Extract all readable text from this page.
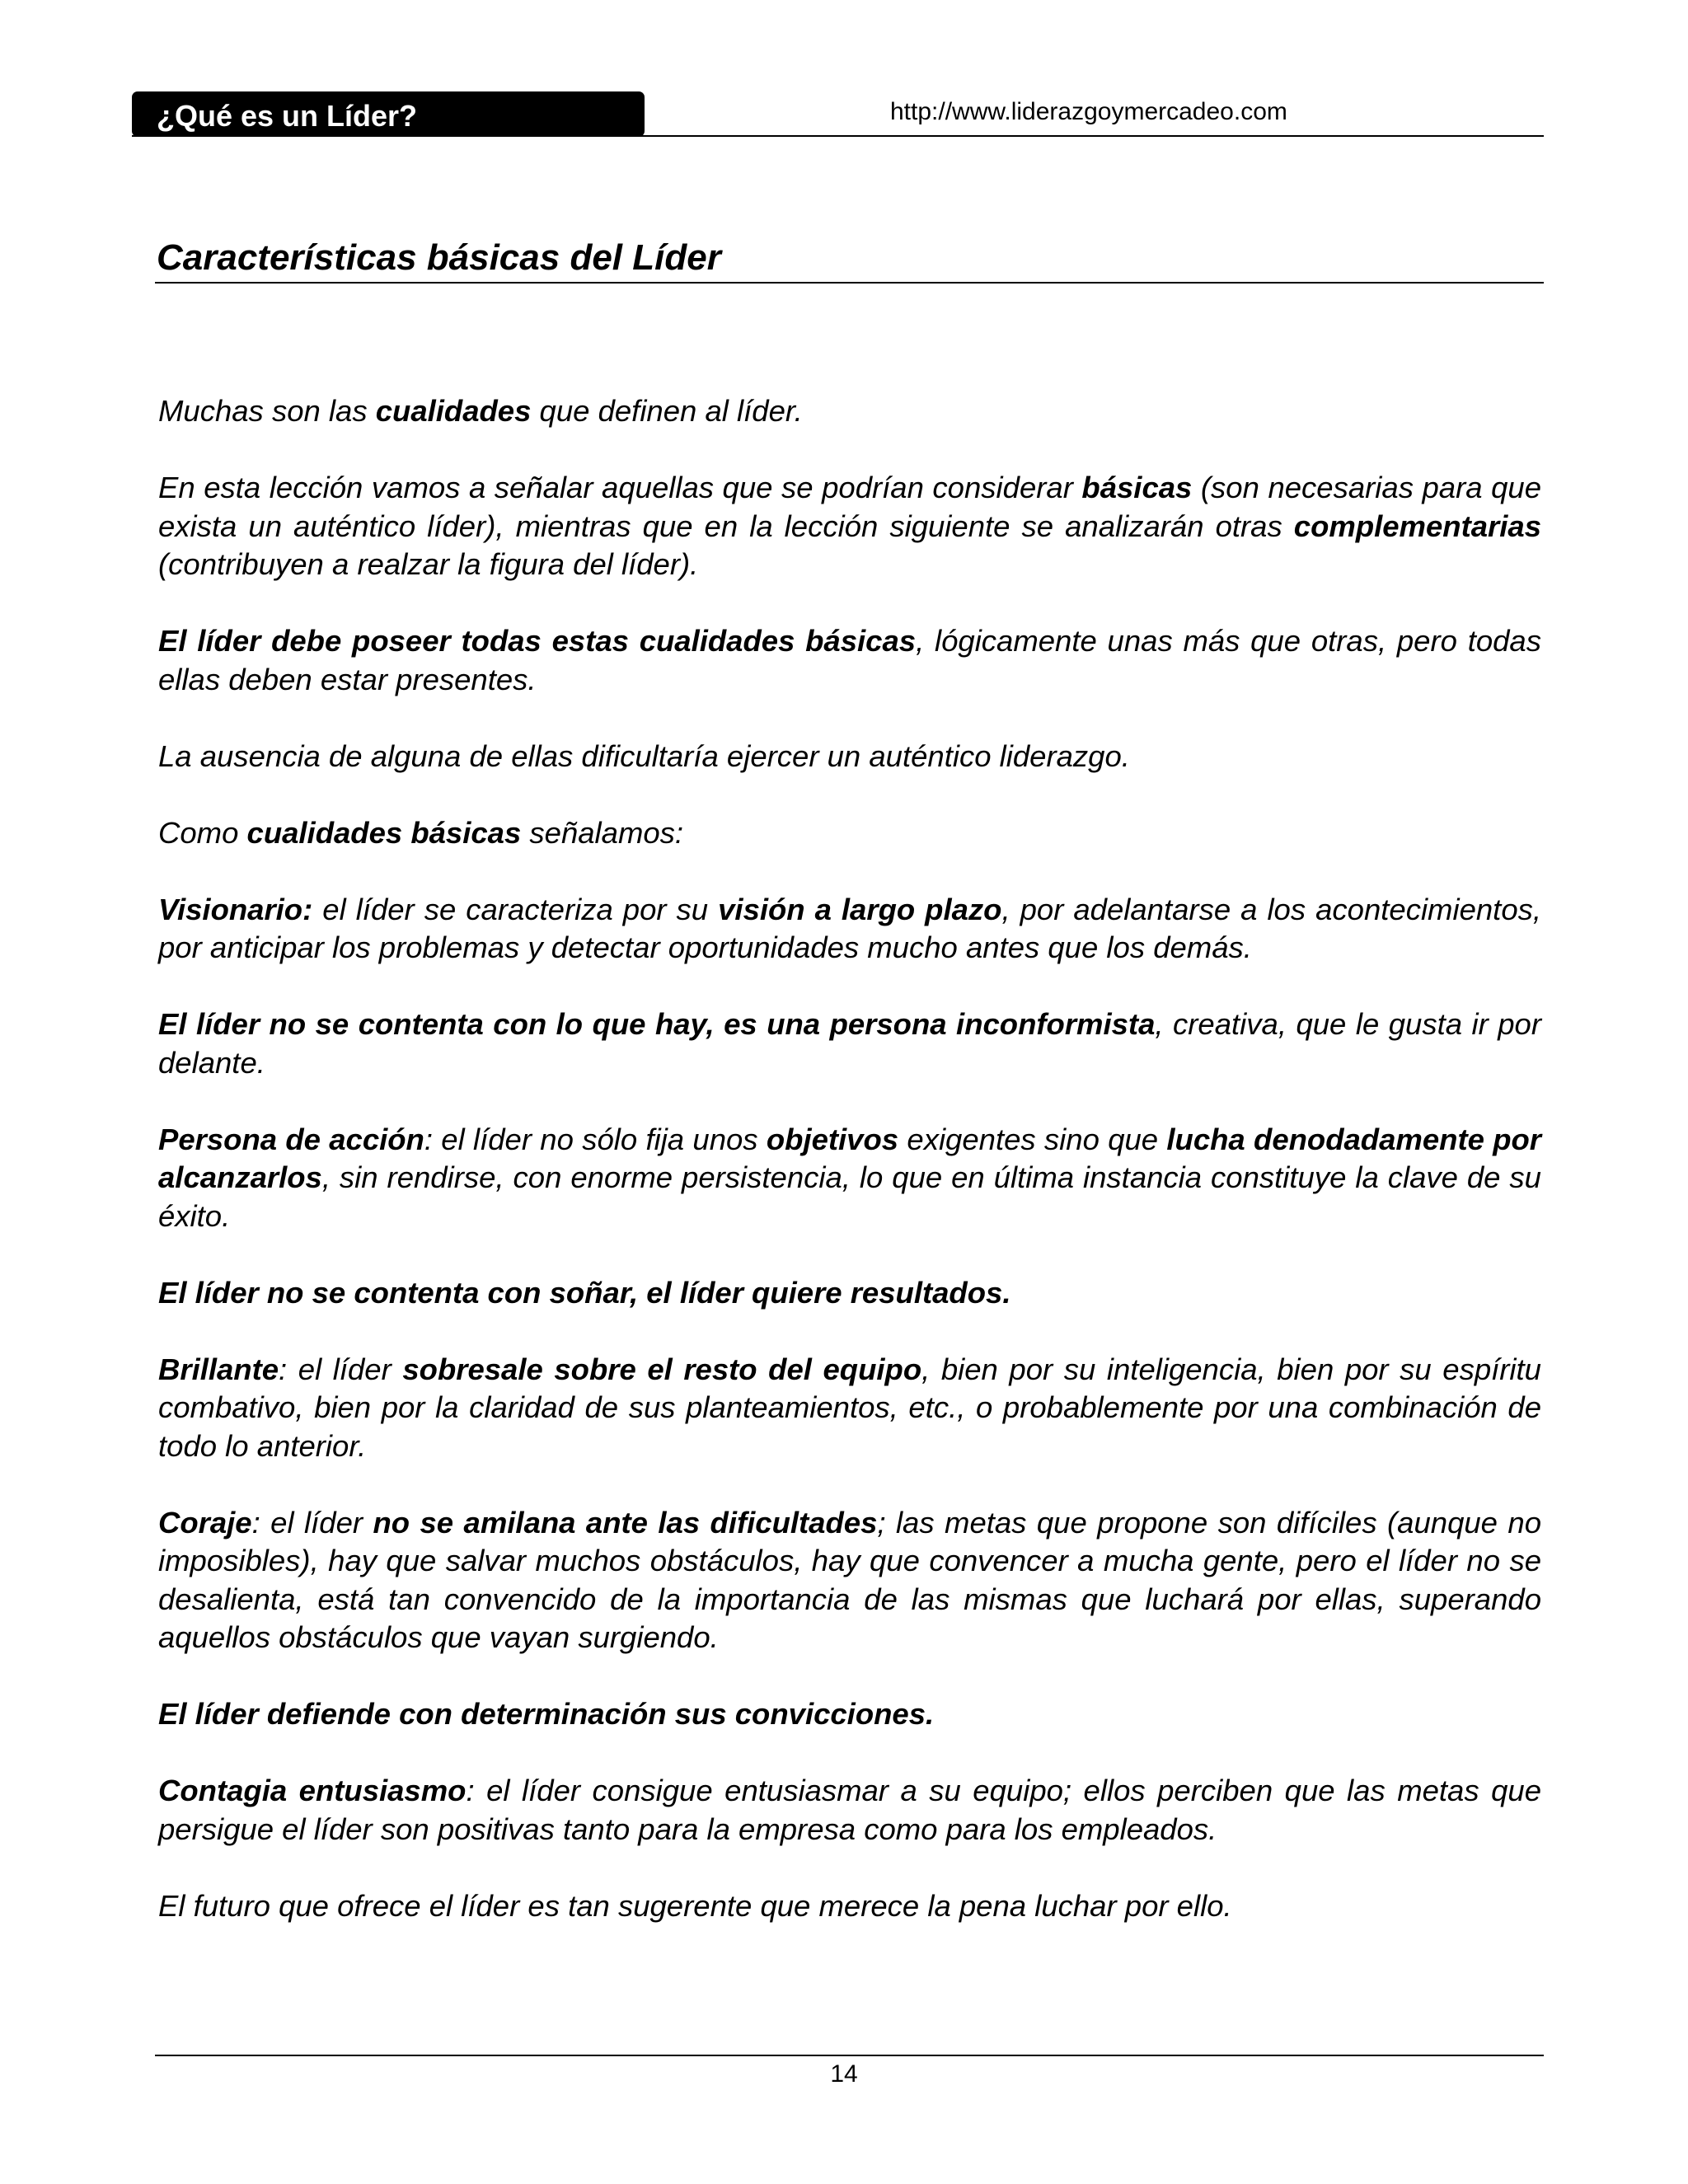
¿Qué es un Líder?	http://www.liderazgoymercadeo.com
Características básicas del Líder

Muchas son las cualidades que definen al líder.

En esta lección vamos a señalar aquellas que se podrían considerar básicas (son necesarias para que exista un auténtico líder), mientras que en la lección siguiente se analizarán otras complementarias (contribuyen a realzar la figura del líder).

El líder debe poseer todas estas cualidades básicas, lógicamente unas más que otras, pero todas ellas deben estar presentes.

La ausencia de alguna de ellas dificultaría ejercer un auténtico liderazgo.

Como cualidades básicas señalamos:

Visionario: el líder se caracteriza por su visión a largo plazo, por adelantarse a los acontecimientos, por anticipar los problemas y detectar oportunidades mucho antes que los demás.

El líder no se contenta con lo que hay, es una persona inconformista, creativa, que le gusta ir por delante.

Persona de acción: el líder no sólo fija unos objetivos exigentes sino que lucha denodadamente por alcanzarlos, sin rendirse, con enorme persistencia, lo que en última instancia constituye la clave de su éxito.

El líder no se contenta con soñar, el líder quiere resultados.

Brillante: el líder sobresale sobre el resto del equipo, bien por su inteligencia, bien por su espíritu combativo, bien por la claridad de sus planteamientos, etc., o probablemente por una combinación de todo lo anterior.

Coraje: el líder no se amilana ante las dificultades; las metas que propone son difíciles (aunque no imposibles), hay que salvar muchos obstáculos, hay que convencer a mucha gente, pero el líder no se desalienta, está tan convencido de la importancia de las mismas que luchará por ellas, superando aquellos obstáculos que vayan surgiendo.

El líder defiende con determinación sus convicciones.

Contagia entusiasmo: el líder consigue entusiasmar a su equipo; ellos perciben que las metas que persigue el líder son positivas tanto para la empresa como para los empleados.

El futuro que ofrece el líder es tan sugerente que merece la pena luchar por ello.

14
